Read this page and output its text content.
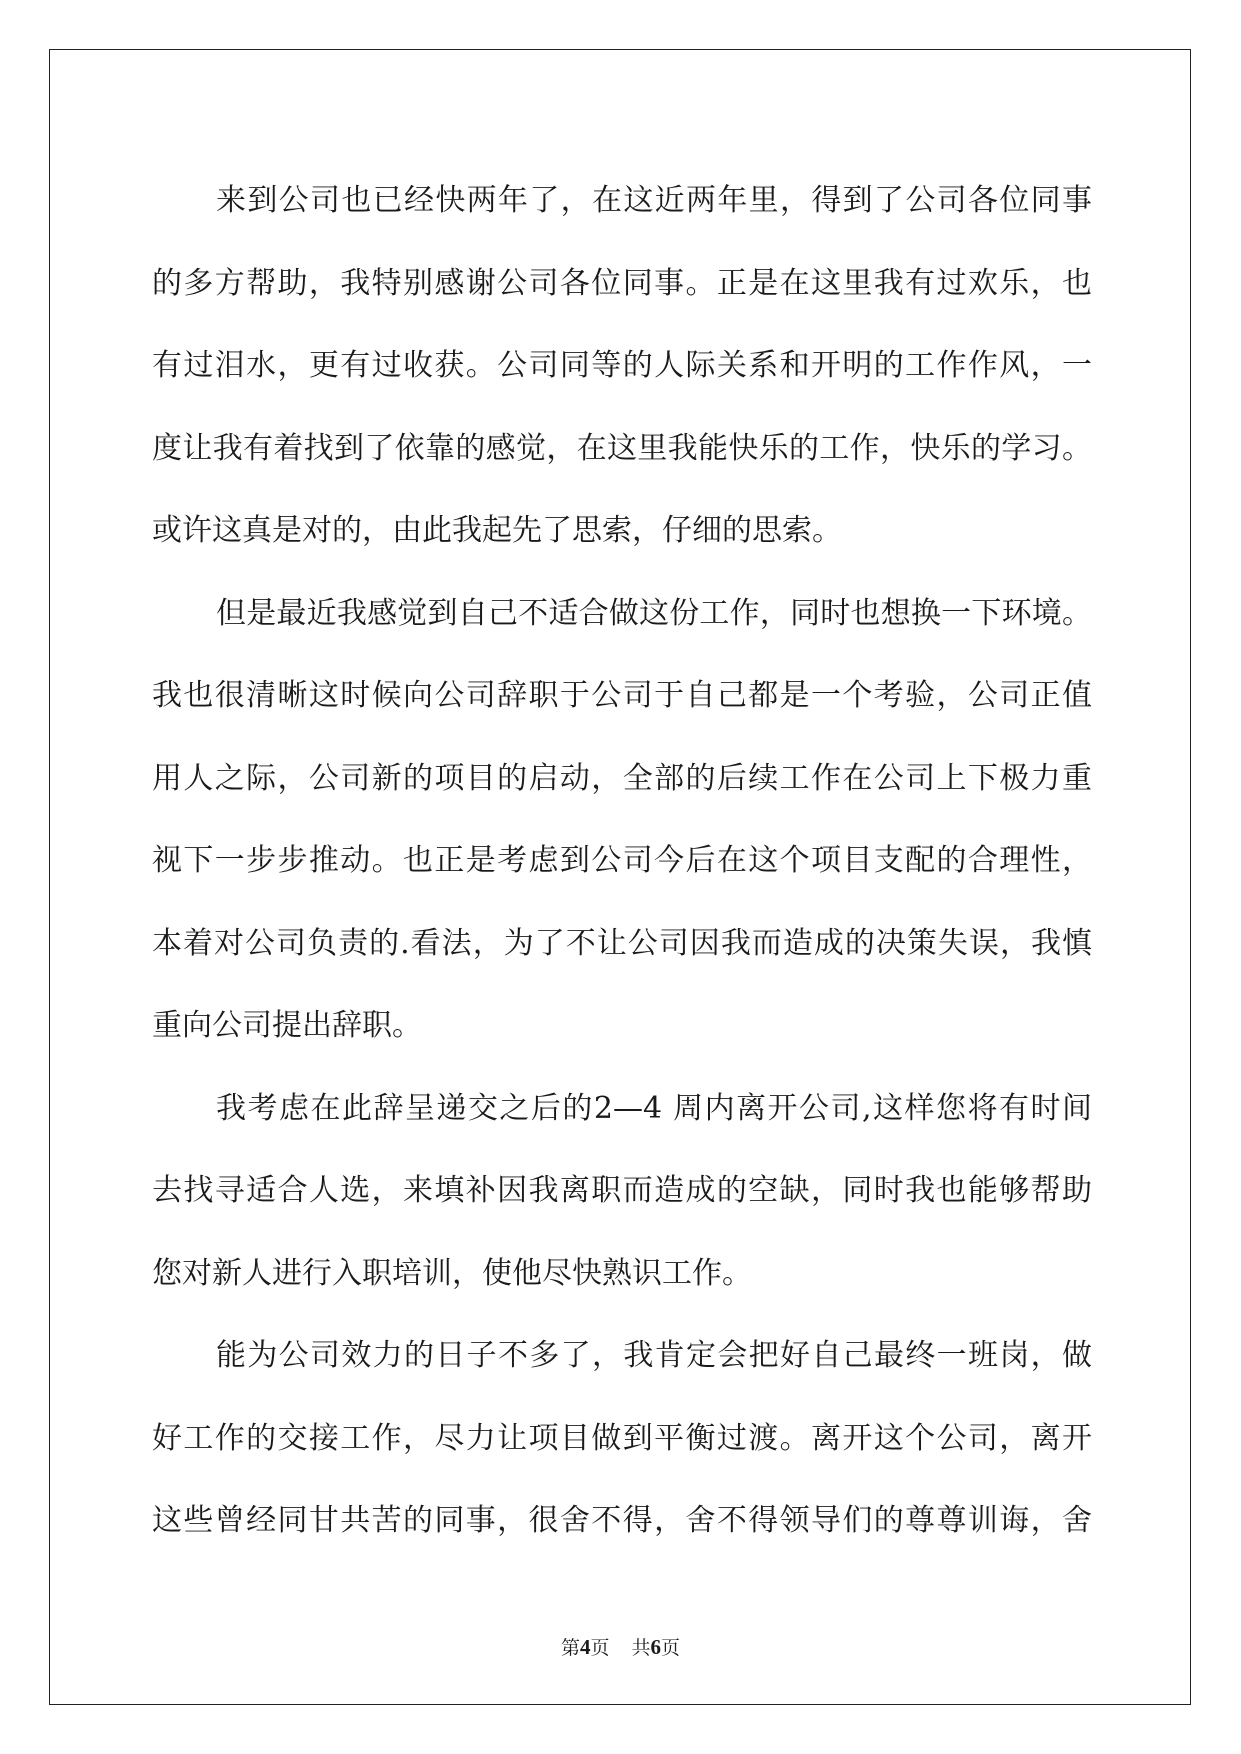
来到公司也已经快两年了，在这近两年里，得到了公司各位同事
的多方帮助，我特别感谢公司各位同事。正是在这里我有过欢乐，也
有过泪水，更有过收获。公司同等的人际关系和开明的工作作风，一
度让我有着找到了依靠的感觉，在这里我能快乐的工作，快乐的学习。
或许这真是对的，由此我起先了思索，仔细的思索。
但是最近我感觉到自己不适合做这份工作，同时也想换一下环境。
我也很清晰这时候向公司辞职于公司于自己都是一个考验，公司正值
用人之际，公司新的项目的启动，全部的后续工作在公司上下极力重
视下一步步推动。也正是考虑到公司今后在这个项目支配的合理性，
本着对公司负责的.看法，为了不让公司因我而造成的决策失误，我慎
重向公司提出辞职。
我考虑在此辞呈递交之后的2—4 周内离开公司,这样您将有时间
去找寻适合人选，来填补因我离职而造成的空缺，同时我也能够帮助
您对新人进行入职培训，使他尽快熟识工作。
能为公司效力的日子不多了，我肯定会把好自己最终一班岗，做
好工作的交接工作，尽力让项目做到平衡过渡。离开这个公司，离开
这些曾经同甘共苦的同事，很舍不得，舍不得领导们的尊尊训诲，舍
第4页 共6页
